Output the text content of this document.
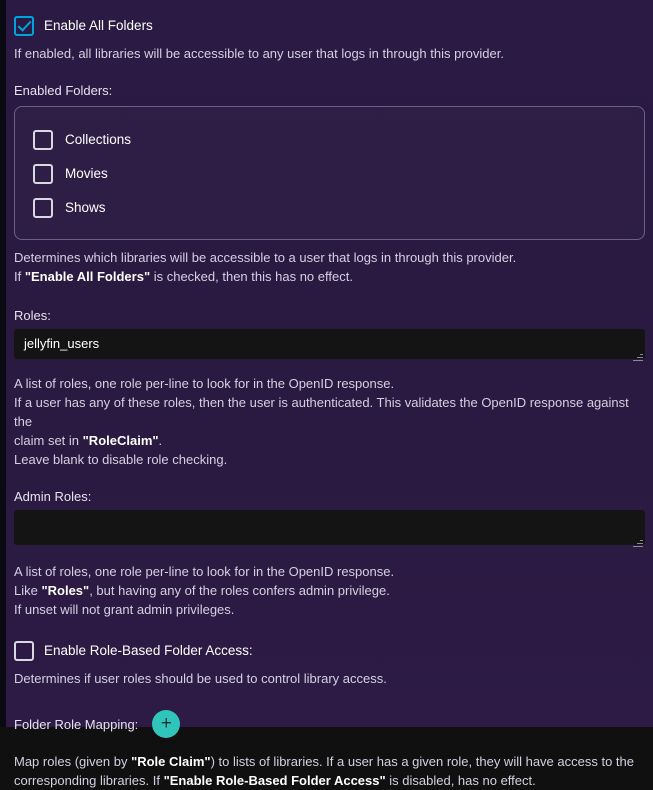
Enable All Folders
If enabled, all libraries will be accessible to any user that logs in through this provider.
Enabled Folders:
Collections
Movies
Shows
Determines which libraries will be accessible to a user that logs in through this provider.
If "Enable All Folders" is checked, then this has no effect.
Roles:
jellyfin_users
A list of roles, one role per-line to look for in the OpenID response.
If a user has any of these roles, then the user is authenticated. This validates the OpenID response against the
claim set in "RoleClaim".
Leave blank to disable role checking.
Admin Roles:
A list of roles, one role per-line to look for in the OpenID response.
Like "Roles", but having any of the roles confers admin privilege.
If unset will not grant admin privileges.
Enable Role-Based Folder Access:
Determines if user roles should be used to control library access.
Folder Role Mapping:	+
Map roles (given by "Role Claim") to lists of libraries. If a user has a given role, they will have access to the
corresponding libraries. If "Enable Role-Based Folder Access" is disabled, has no effect.
